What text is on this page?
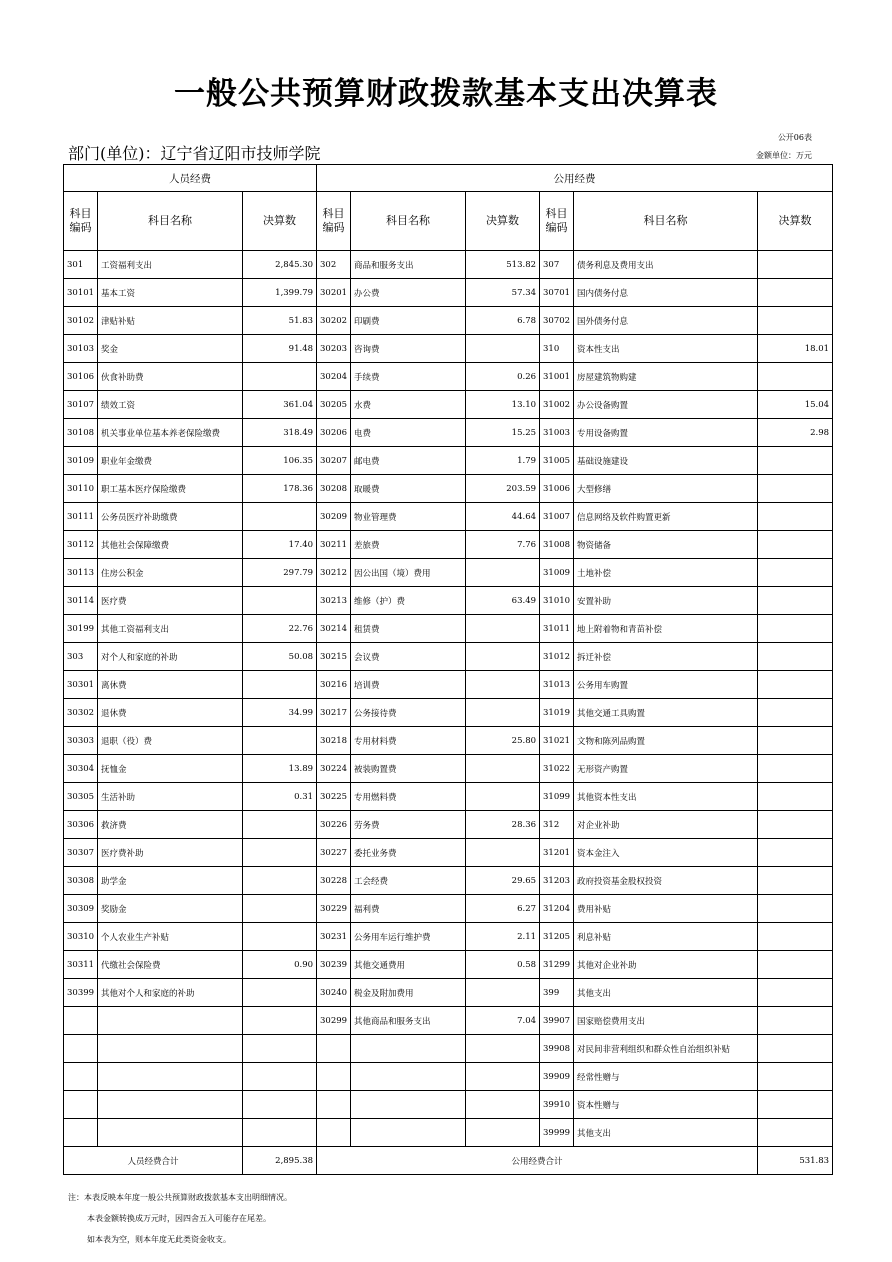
一般公共预算财政拨款基本支出决算表
部门(单位)：辽宁省辽阳市技师学院
公开06表
金额单位：万元
人员经费			公用经费					
科目编码	科目名称	决算数	科目编码	科目名称	决算数	科目编码	科目名称	决算数
301	工资福利支出	2,845.30	302	商品和服务支出	513.82	307	债务利息及费用支出	
30101	基本工资	1,399.79	30201	办公费	57.34	30701	国内债务付息	
30102	津贴补贴	51.83	30202	印刷费	6.78	30702	国外债务付息	
30103	奖金	91.48	30203	咨询费		310	资本性支出	18.01
30106	伙食补助费		30204	手续费	0.26	31001	房屋建筑物购建	
30107	绩效工资	361.04	30205	水费	13.10	31002	办公设备购置	15.04
30108	机关事业单位基本养老保险缴费	318.49	30206	电费	15.25	31003	专用设备购置	2.98
30109	职业年金缴费	106.35	30207	邮电费	1.79	31005	基础设施建设	
30110	职工基本医疗保险缴费	178.36	30208	取暖费	203.59	31006	大型修缮	
30111	公务员医疗补助缴费		30209	物业管理费	44.64	31007	信息网络及软件购置更新	
30112	其他社会保障缴费	17.40	30211	差旅费	7.76	31008	物资储备	
30113	住房公积金	297.79	30212	因公出国（境）费用		31009	土地补偿	
30114	医疗费		30213	维修（护）费	63.49	31010	安置补助	
30199	其他工资福利支出	22.76	30214	租赁费		31011	地上附着物和青苗补偿	
303	对个人和家庭的补助	50.08	30215	会议费		31012	拆迁补偿	
30301	离休费		30216	培训费		31013	公务用车购置	
30302	退休费	34.99	30217	公务接待费		31019	其他交通工具购置	
30303	退职（役）费		30218	专用材料费	25.80	31021	文物和陈列品购置	
30304	抚恤金	13.89	30224	被装购置费		31022	无形资产购置	
30305	生活补助	0.31	30225	专用燃料费		31099	其他资本性支出	
30306	救济费		30226	劳务费	28.36	312	对企业补助	
30307	医疗费补助		30227	委托业务费		31201	资本金注入	
30308	助学金		30228	工会经费	29.65	31203	政府投资基金股权投资	
30309	奖励金		30229	福利费	6.27	31204	费用补贴	
30310	个人农业生产补贴		30231	公务用车运行维护费	2.11	31205	利息补贴	
30311	代缴社会保险费	0.90	30239	其他交通费用	0.58	31299	其他对企业补助	
30399	其他对个人和家庭的补助		30240	税金及附加费用		399	其他支出	
			30299	其他商品和服务支出	7.04	39907	国家赔偿费用支出	
						39908	对民间非营利组织和群众性自治组织补贴	
						39909	经常性赠与	
						39910	资本性赠与	
						39999	其他支出	
人员经费合计		2,895.38	公用经费合计					531.83
注：本表反映本年度一般公共预算财政拨款基本支出明细情况。
本表金额转换成万元时，因四舍五入可能存在尾差。
如本表为空，则本年度无此类资金收支。
